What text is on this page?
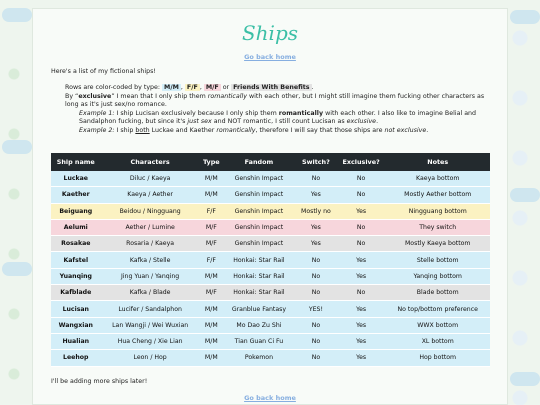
Ships
Go back home
Here's a list of my fictional ships!

Rows are color-coded by type: M/M , F/F , M/F or Friends With Benefits .

By “exclusive” I mean that I only ship them romantically with each other, but I might still imagine them fucking other characters as long as it's just sex/no romance.

Example 1: I ship Lucisan exclusively because I only ship them romantically with each other. I also like to imagine Belial and Sandalphon fucking, but since it's just sex and NOT romantic, I still count Lucisan as exclusive.

Example 2: I ship both Luckae and Kaether romantically, therefore I will say that those ships are not exclusive.

Ship name	Characters	Type	Fandom	Switch?	Exclusive?	Notes
Luckae	Diluc / Kaeya	M/M	Genshin Impact	No	No	Kaeya bottom
Kaether	Kaeya / Aether	M/M	Genshin Impact	Yes	No	Mostly Aether bottom
Beiguang	Beidou / Ningguang	F/F	Genshin Impact	Mostly no	Yes	Ningguang bottom
Aelumi	Aether / Lumine	M/F	Genshin Impact	Yes	No	They switch
Rosakae	Rosaria / Kaeya	M/F	Genshin Impact	Yes	No	Mostly Kaeya bottom
Kafstel	Kafka / Stelle	F/F	Honkai: Star Rail	No	Yes	Stelle bottom
Yuanqing	Jing Yuan / Yanqing	M/M	Honkai: Star Rail	No	Yes	Yanqing bottom
Kafblade	Kafka / Blade	M/F	Honkai: Star Rail	No	No	Blade bottom
Lucisan	Lucifer / Sandalphon	M/M	Granblue Fantasy	YES!	Yes	No top/bottom preference
Wangxian	Lan Wangji / Wei Wuxian	M/M	Mo Dao Zu Shi	No	Yes	WWX bottom
Hualian	Hua Cheng / Xie Lian	M/M	Tian Guan Ci Fu	No	Yes	XL bottom
Leehop	Leon / Hop	M/M	Pokemon	No	Yes	Hop bottom
I'll be adding more ships later!
Go back home
